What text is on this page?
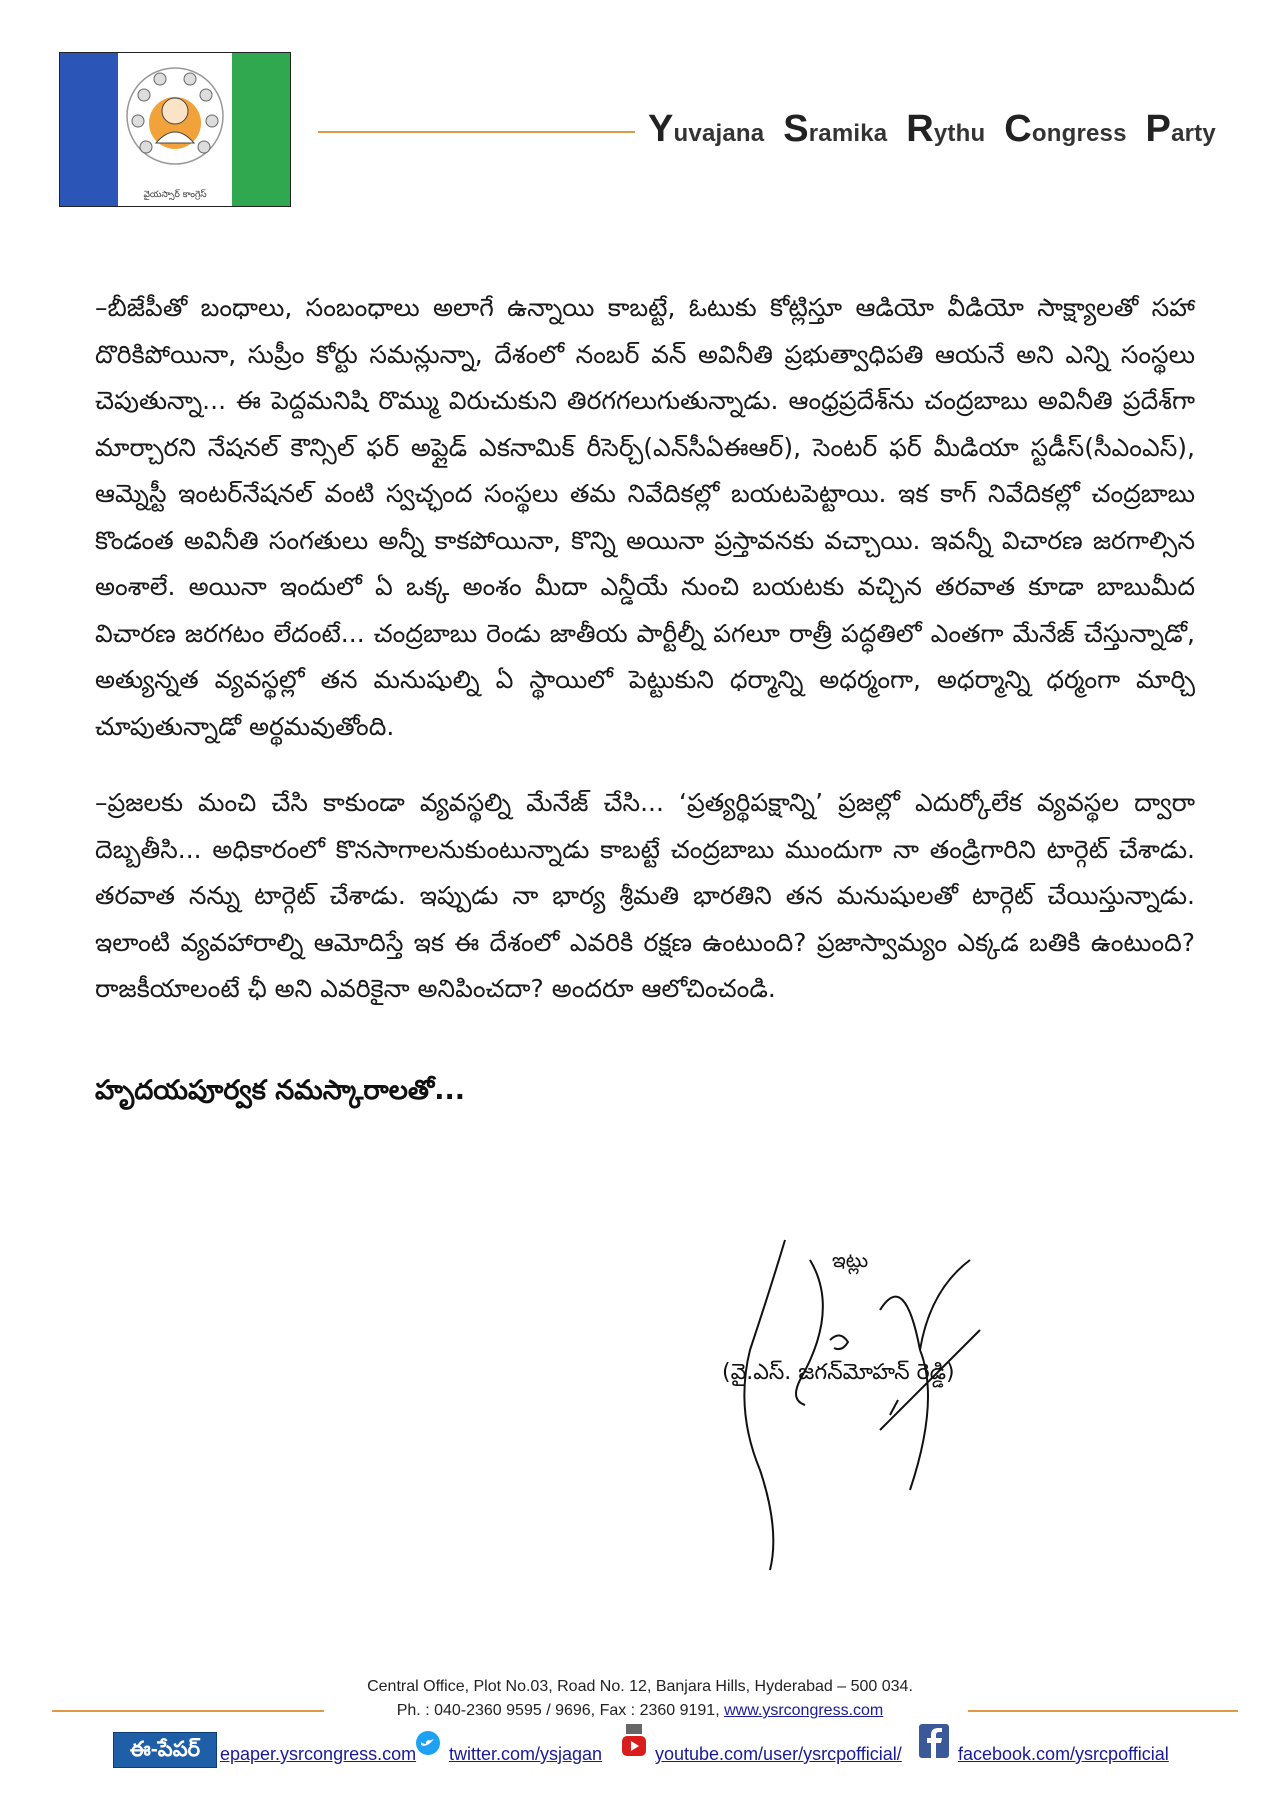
వైయస్సార్ కాంగ్రెస్
Yuvajana Sramika Rythu Congress Party

–బీజేపీతో బంధాలు, సంబంధాలు అలాగే ఉన్నాయి కాబట్టే, ఓటుకు కోట్లిస్తూ ఆడియో వీడియో సాక్ష్యాలతో సహా దొరికిపోయినా, సుప్రీం కోర్టు సమన్లున్నా, దేశంలో నంబర్ వన్ అవినీతి ప్రభుత్వాధిపతి ఆయనే అని ఎన్ని సంస్థలు చెపుతున్నా... ఈ పెద్దమనిషి రొమ్ము విరుచుకుని తిరగగలుగుతున్నాడు. ఆంధ్రప్రదేశ్‌ను చంద్రబాబు అవినీతి ప్రదేశ్‌గా మార్చారని నేషనల్ కౌన్సిల్ ఫర్ అప్లైడ్ ఎకనామిక్ రీసెర్చ్(ఎన్‌సీఏఈఆర్), సెంటర్ ఫర్ మీడియా స్టడీస్(సీఎంఎస్), ఆమ్నెస్టీ ఇంటర్‌నేషనల్ వంటి స్వచ్ఛంద సంస్థలు తమ నివేదికల్లో బయటపెట్టాయి. ఇక కాగ్ నివేదికల్లో చంద్రబాబు కొండంత అవినీతి సంగతులు అన్నీ కాకపోయినా, కొన్ని అయినా ప్రస్తావనకు వచ్చాయి. ఇవన్నీ విచారణ జరగాల్సిన అంశాలే. అయినా ఇందులో ఏ ఒక్క అంశం మీదా ఎన్డీయే నుంచి బయటకు వచ్చిన తరవాత కూడా బాబుమీద విచారణ జరగటం లేదంటే... చంద్రబాబు రెండు జాతీయ పార్టీల్నీ పగలూ రాత్రీ పద్ధతిలో ఎంతగా మేనేజ్ చేస్తున్నాడో, అత్యున్నత వ్యవస్థల్లో తన మనుషుల్ని ఏ స్థాయిలో పెట్టుకుని ధర్మాన్ని అధర్మంగా, అధర్మాన్ని ధర్మంగా మార్చి చూపుతున్నాడో అర్థమవుతోంది.

–ప్రజలకు మంచి చేసి కాకుండా వ్యవస్థల్ని మేనేజ్ చేసి... ‘ప్రత్యర్థిపక్షాన్ని’ ప్రజల్లో ఎదుర్కోలేక వ్యవస్థల ద్వారా దెబ్బతీసి... అధికారంలో కొనసాగాలనుకుంటున్నాడు కాబట్టే చంద్రబాబు ముందుగా నా తండ్రిగారిని టార్గెట్ చేశాడు. తరవాత నన్ను టార్గెట్ చేశాడు. ఇప్పుడు నా భార్య శ్రీమతి భారతిని తన మనుషులతో టార్గెట్ చేయిస్తున్నాడు. ఇలాంటి వ్యవహారాల్ని ఆమోదిస్తే ఇక ఈ దేశంలో ఎవరికి రక్షణ ఉంటుంది? ప్రజాస్వామ్యం ఎక్కడ బతికి ఉంటుంది? రాజకీయాలంటే ఛీ అని ఎవరికైనా అనిపించదా? అందరూ ఆలోచించండి.

హృదయపూర్వక నమస్కారాలతో...
ఇట్లు
(వై.ఎస్. జగన్‌మోహన్ రెడ్డి)
Central Office, Plot No.03, Road No. 12, Banjara Hills, Hyderabad – 500 034.
Ph. : 040-2360 9595 / 9696, Fax : 2360 9191, www.ysrcongress.com
ఈ-పేపర్	epaper.ysrcongress.com twitter.com/ysjagan	youtube.com/user/ysrcpofficial/	facebook.com/ysrcpofficial
